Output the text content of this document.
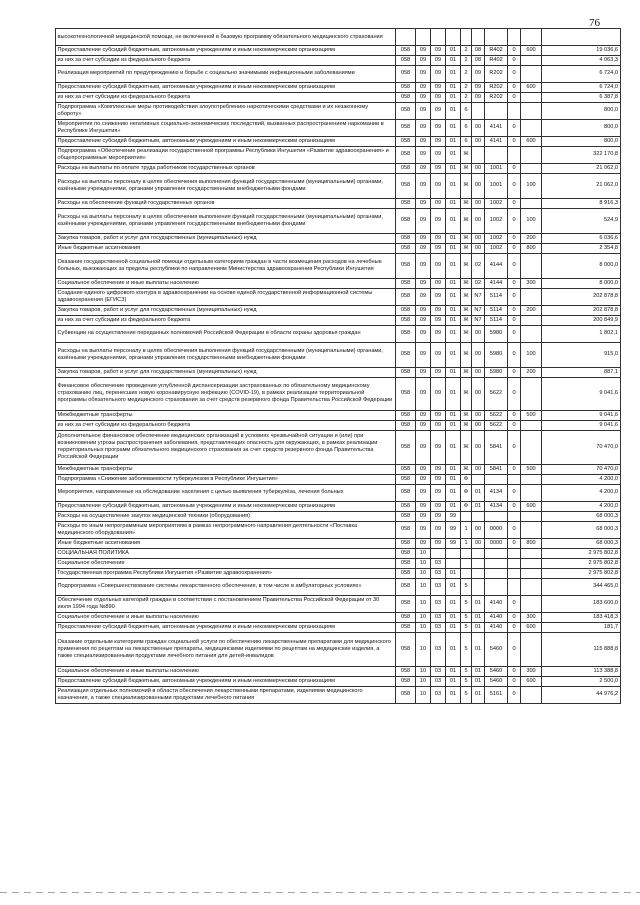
76
высокотехнологичной медицинской помощи, не включенной в базовую программу обязательного медицинского страхования										
Предоставление субсидий бюджетным, автономным учреждениям и иным некоммерческим организациям	058	09	09	01	2	08	R402	0	600	19 036,6
из них за счет субсидии из федерального бюджета	058	09	09	01	2	08	R402	0		4 063,3
Реализация мероприятий по предупреждению и борьбе с социально значимыми инфекционными заболеваниями	058	09	09	01	2	09	R202	0		6 724,0
Предоставление субсидий бюджетным, автономным учреждениям и иным некоммерческим организациям	058	09	09	01	2	09	R202	0	600	6 724,0
из них за счет субсидии из федерального бюджета	058	09	09	01	2	09	R202	0		6 387,8
Подпрограмма «Комплексные меры противодействия злоупотреблению наркотическими средствами и их незаконному обороту»	058	09	09	01	6					800,0
Мероприятия по снижению негативных социально-экономических последствий, вызванных распространением наркомании в Республике Ингушетия»	058	09	09	01	6	00	4141	0		800,0
Предоставление субсидий бюджетным, автономным учреждениям и иным некоммерческим организациям	058	09	09	01	6	00	4141	0	600	800,0
Подпрограмма «Обеспечение реализации государственной программы Республики Ингушетия «Развитие здравоохранения» и общепрограммные мероприятия»	058	09	09	01	Ж					322 170,8
Расходы на выплаты по оплате труда работников государственных органов	058	09	09	01	Ж	00	1001	0		21 062,0
Расходы на выплаты персоналу в целях обеспечения выполнения функций государственными (муниципальными) органами, казёнными учреждениями, органами управления государственными внебюджетными фондами	058	09	09	01	Ж	00	1001	0	100	21 062,0
Расходы на обеспечение функций государственных органов	058	09	09	01	Ж	00	1002	0		8 916,3
Расходы на выплаты персоналу в целях обеспечения выполнения функций государственными (муниципальными) органами, казёнными учреждениями, органами управления государственными внебюджетными фондами	058	09	09	01	Ж	00	1002	0	100	524,9
Закупка товаров, работ и услуг для государственных (муниципальных) нужд	058	09	09	01	Ж	00	1002	0	200	6 036,6
Иные бюджетные ассигнования	058	09	09	01	Ж	00	1002	0	800	2 354,8
Оказание государственной социальной помощи отдельным категориям граждан в части возмещения расходов на лечебные больных, выезжающих за пределы республики по направлениям Министерства здравоохранения Республики Ингушетия	058	09	09	01	Ж	02	4144	0		8 000,0
Социальное обеспечение и иные выплаты населению	058	09	09	01	Ж	02	4144	0	300	8 000,0
Создание единого цифрового контура в здравоохранении на основе единой государственной информационной системы здравоохранения (ЕГИСЗ)	058	09	09	01	Ж	N7	5114	0		202 878,8
Закупка товаров, работ и услуг для государственных (муниципальных) нужд	058	09	09	01	Ж	N7	5114	0	200	202 878,8
из них за счет субсидии из федерального бюджета	058	09	09	01	Ж	N7	5114	0		200 849,9
Субвенции на осуществление переданных полномочий Российской Федерации в области охраны здоровья граждан	058	09	09	01	Ж	00	5980	0		1 802,1
Расходы на выплаты персоналу в целях обеспечения выполнения функций государственными (муниципальными) органами, казёнными учреждениями, органами управления государственными внебюджетными фондами	058	09	09	01	Ж	00	5980	0	100	915,0
Закупка товаров, работ и услуг для государственных (муниципальных) нужд	058	09	09	01	Ж	00	5980	0	200	887,1
Финансовое обеспечение проведения углубленной диспансеризации застрахованных по обязательному медицинскому страхованию лиц, перенесших новую коронавирусную инфекцию (COVID-19), в рамках реализации территориальной программы обязательного медицинского страхования за счет средств резервного фонда Правительства Российской Федерации	058	09	09	01	Ж	00	5622	0		9 041,6
Межбюджетные трансферты	058	09	09	01	Ж	00	5622	0	500	9 041,6
из них за счет субсидии из федерального бюджета	058	09	09	01	Ж	00	5622	0		9 041,6
Дополнительное финансовое обеспечение медицинских организаций в условиях чрезвычайной ситуации и (или) при возникновении угрозы распространения заболевания, представляющих опасность для окружающих, в рамках реализации территориальных программ обязательного медицинского страхования за счет средств резервного фонда Правительства Российской Федерации	058	09	09	01	Ж	00	5841	0		70 470,0
Межбюджетные трансферты	058	09	09	01	Ж	00	5841	0	500	70 470,0
Подпрограмма «Снижение заболеваемости туберкулезом в Республике Ингушетия»	058	09	09	01	Ф					4 200,0
Мероприятия, направленные на обследование населения с целью выявления туберкулёза, лечения больных	058	09	09	01	Ф	01	4134	0		4 200,0
Предоставление субсидий бюджетным, автономным учреждениям и иным некоммерческим организациям	058	09	09	01	Ф	01	4134	0	600	4 200,0
Расходы на осуществление закупок медицинской техники (оборудования)	058	09	09	99						68 000,3
Расходы по иным непрограммным мероприятиям в рамках непрограммного направления деятельности «Поставка медицинского оборудования»	058	09	09	99	1	00	0000	0		68 000,3
Иные бюджетные ассигнования	058	09	09	99	1	00	0000	0	800	68 000,3
СОЦИАЛЬНАЯ ПОЛИТИКА	058	10								2 975 802,8
Социальное обеспечение	058	10	03							2 975 802,8
Государственная программа Республики Ингушетия «Развитие здравоохранения»	058	10	03	01						2 975 802,8
Подпрограмма «Совершенствование системы лекарственного обеспечения, в том числе в амбулаторных условиях»	058	10	03	01	5					344 465,0
Обеспечение отдельных категорий граждан в соответствии с постановлением Правительства Российской Федерации от 30 июля 1994 года №890	058	10	03	01	5	01	4140	0		183 600,0
Социальное обеспечение и иные выплаты населению	058	10	03	01	5	01	4140	0	300	183 418,3
Предоставление субсидий бюджетным, автономным учреждениям и иным некоммерческим организациям	058	10	03	01	5	01	4140	0	600	181,7
Оказание отдельным категориям граждан социальной услуги по обеспечению лекарственными препаратами для медицинского применения по рецептам на лекарственные препараты, медицинскими изделиями по рецептам на медицинские изделия, а также специализированными продуктами лечебного питания для детей-инвалидов	058	10	03	01	5	01	5460	0		115 888,8
Социальное обеспечение и иные выплаты населению	058	10	03	01	5	01	5460	0	300	113 388,8
Предоставление субсидий бюджетным, автономным учреждениям и иным некоммерческим организациям	058	10	03	01	5	01	5460	0	600	2 500,0
Реализация отдельных полномочий в области обеспечения лекарственными препаратами, изделиями медицинского назначения, а также специализированными продуктами лечебного питания	058	10	03	01	5	01	5161	0		44 976,2
